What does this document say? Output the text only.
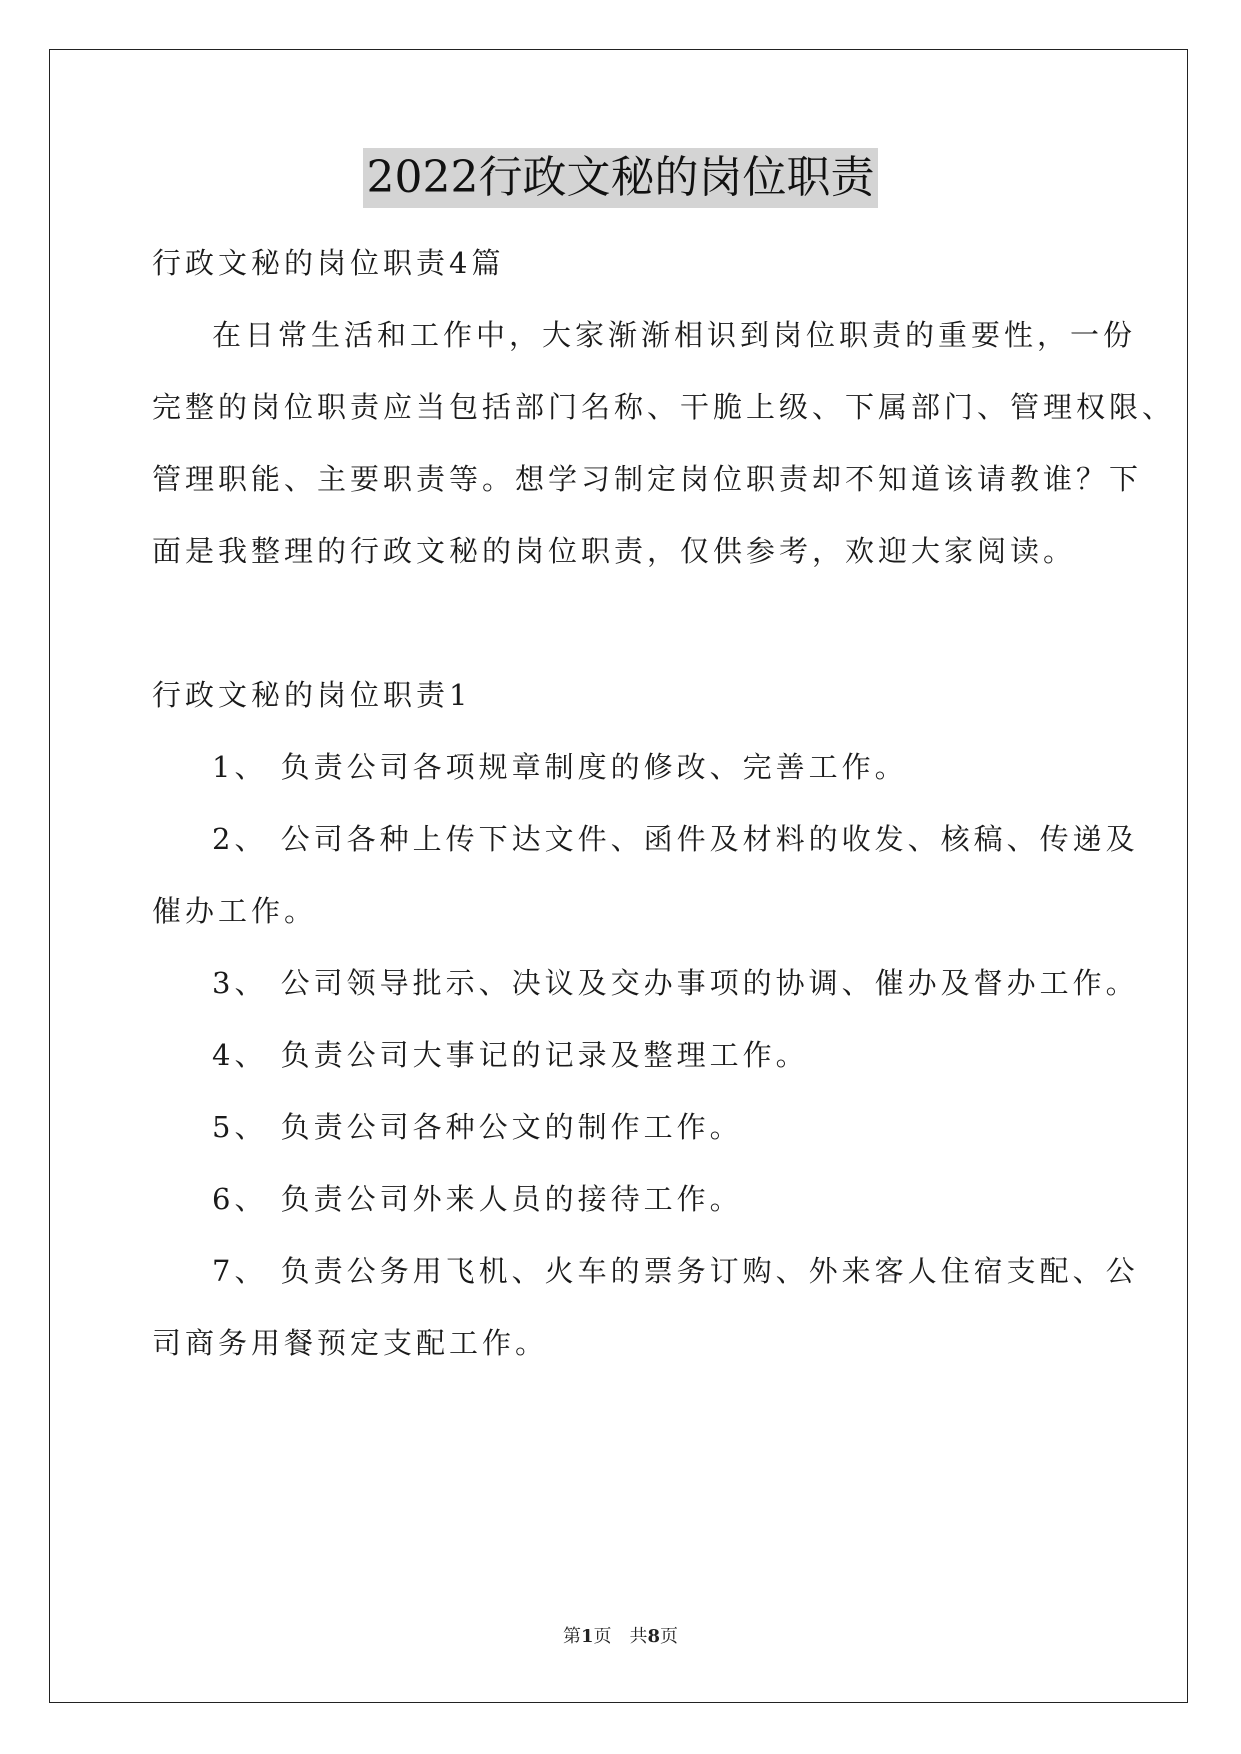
2022行政文秘的岗位职责
行政文秘的岗位职责4篇
在日常生活和工作中，大家渐渐相识到岗位职责的重要性，一份
完整的岗位职责应当包括部门名称、干脆上级、下属部门、管理权限、
管理职能、主要职责等。想学习制定岗位职责却不知道该请教谁？下
面是我整理的行政文秘的岗位职责，仅供参考，欢迎大家阅读。
行政文秘的岗位职责1
1、 负责公司各项规章制度的修改、完善工作。
2、 公司各种上传下达文件、函件及材料的收发、核稿、传递及
催办工作。
3、 公司领导批示、决议及交办事项的协调、催办及督办工作。
4、 负责公司大事记的记录及整理工作。
5、 负责公司各种公文的制作工作。
6、 负责公司外来人员的接待工作。
7、 负责公务用飞机、火车的票务订购、外来客人住宿支配、公
司商务用餐预定支配工作。
第1页　共8页
